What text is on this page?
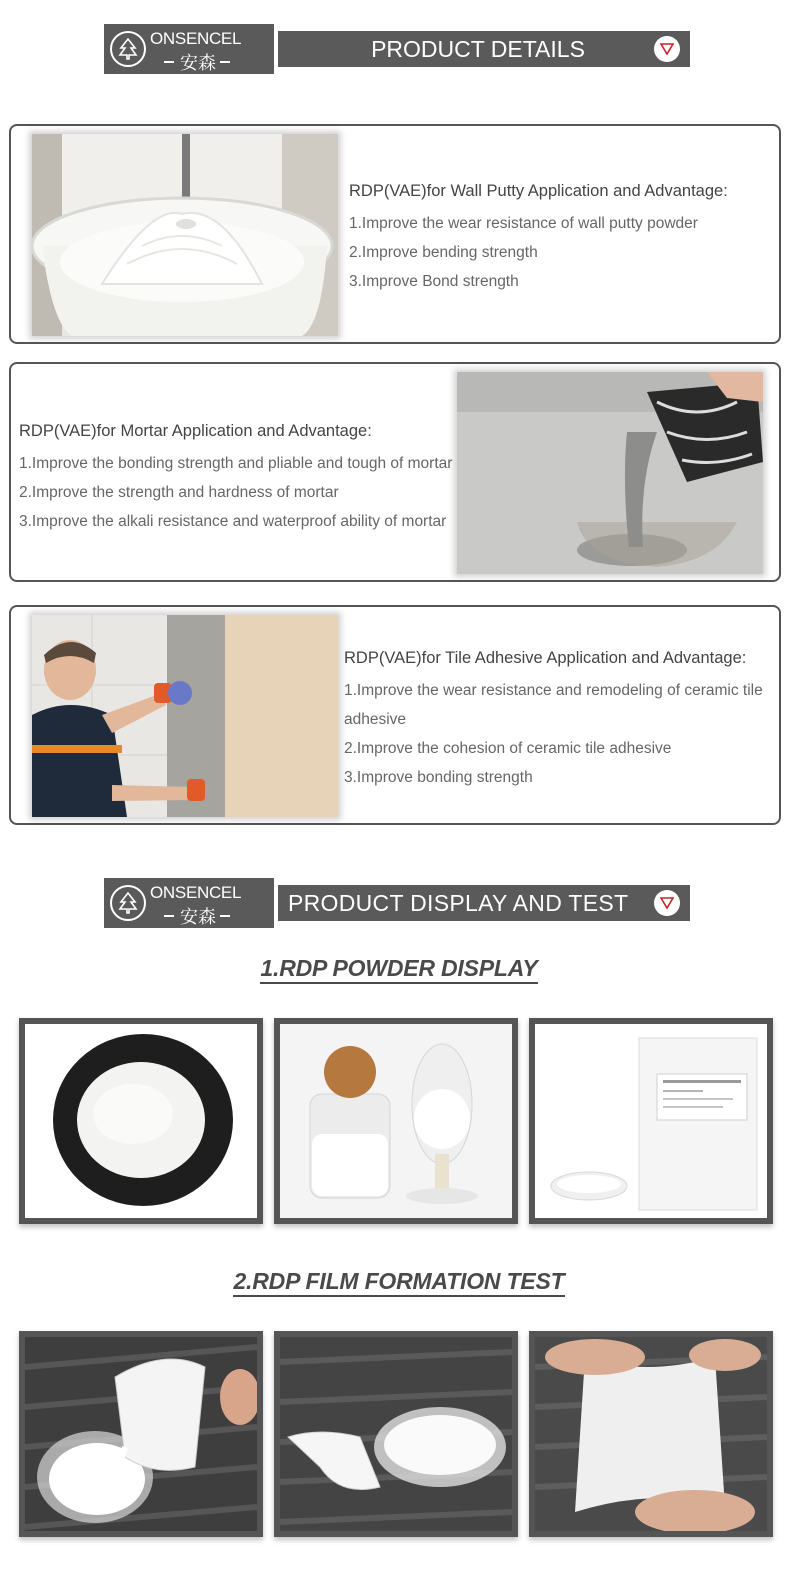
ONSENCEL
安森
PRODUCT DETAILS

RDP(VAE)for Wall Putty Application and Advantage:

1.Improve the wear resistance of wall putty powder

2.Improve bending strength

3.Improve Bond strength

RDP(VAE)for Mortar Application and Advantage:

1.Improve the bonding strength and pliable and tough of mortar

2.Improve the strength and hardness of mortar

3.Improve the alkali resistance and waterproof ability of mortar

RDP(VAE)for Tile Adhesive Application and Advantage:

1.Improve the wear resistance and remodeling of ceramic tile adhesive

2.Improve the cohesion of ceramic tile adhesive

3.Improve bonding strength

ONSENCEL
安森
PRODUCT DISPLAY AND TEST
1.RDP POWDER DISPLAY
2.RDP FILM FORMATION TEST
